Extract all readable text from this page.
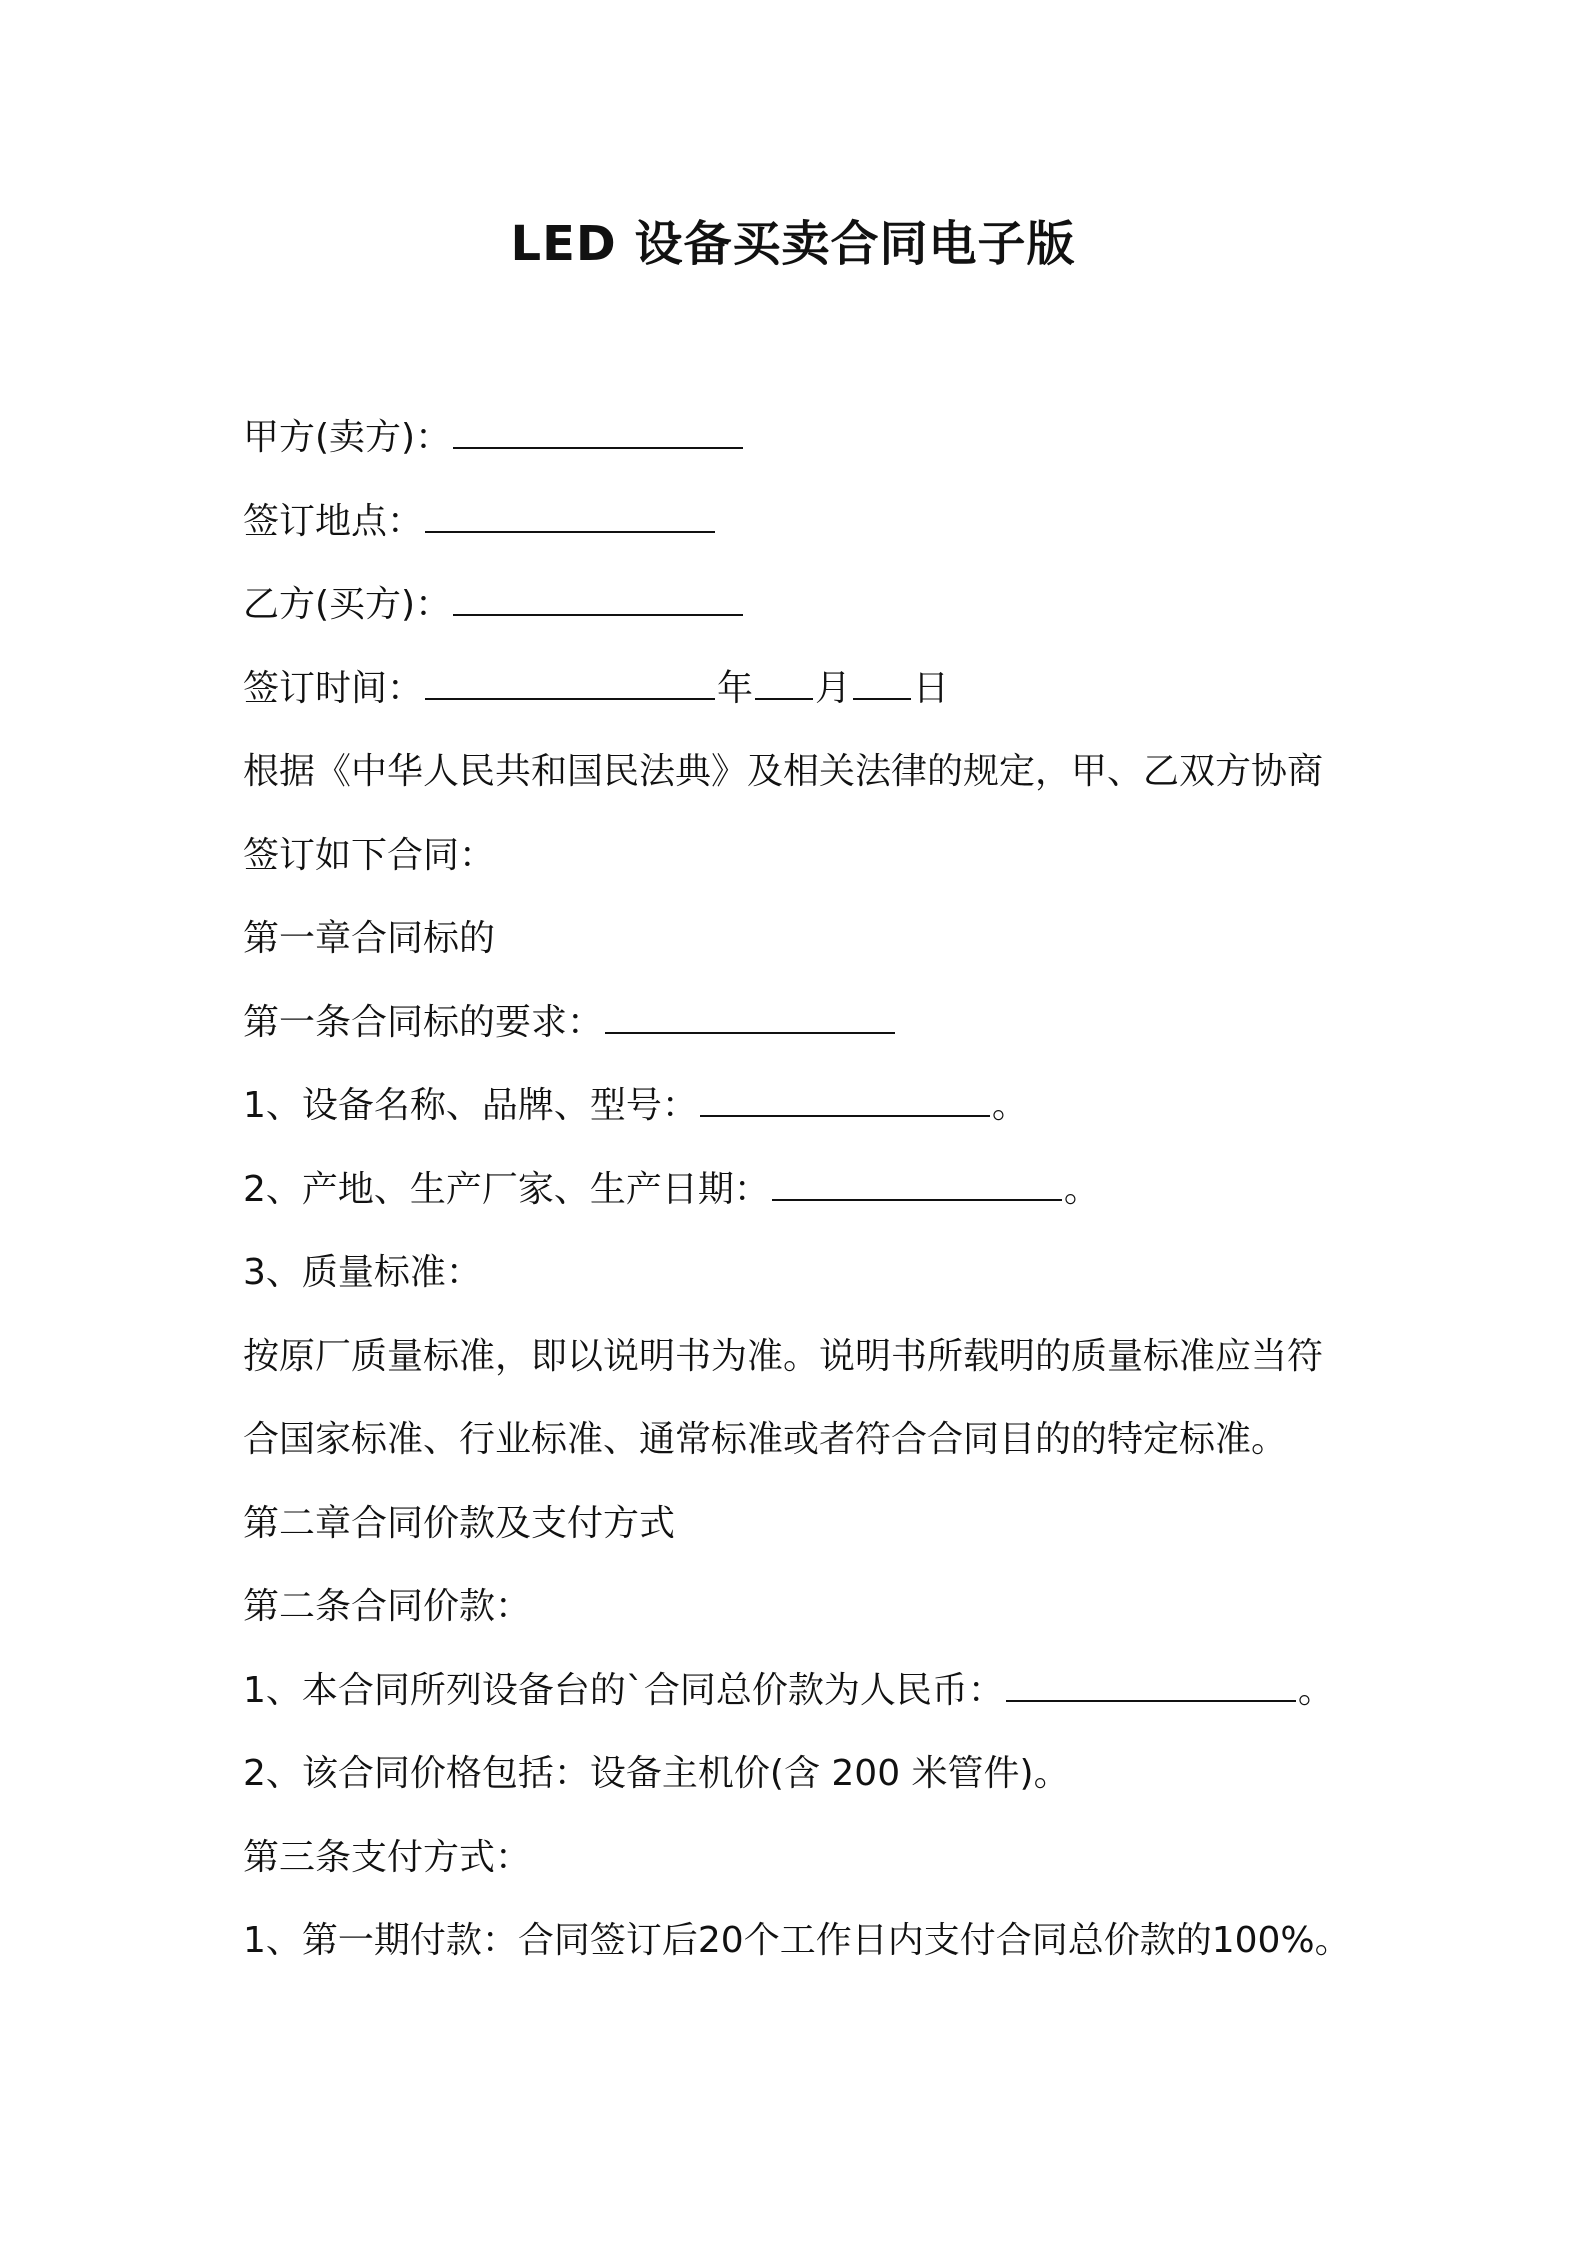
LED 设备买卖合同电子版
甲方(卖方)：
签订地点：
乙方(买方)：
签订时间：	年 月 日
根据《中华人民共和国民法典》及相关法律的规定，甲、乙双方协商
签订如下合同：
第一章合同标的
第一条合同标的要求：
1、设备名称、品牌、型号：	。
2、产地、生产厂家、生产日期：	。
3、质量标准：
按原厂质量标准，即以说明书为准。说明书所载明的质量标准应当符
合国家标准、行业标准、通常标准或者符合合同目的的特定标准。
第二章合同价款及支付方式
第二条合同价款：
1、本合同所列设备台的`合同总价款为人民币：	。
2、该合同价格包括：设备主机价(含 200 米管件)。
第三条支付方式：
1、第一期付款：合同签订后20个工作日内支付合同总价款的100%。
